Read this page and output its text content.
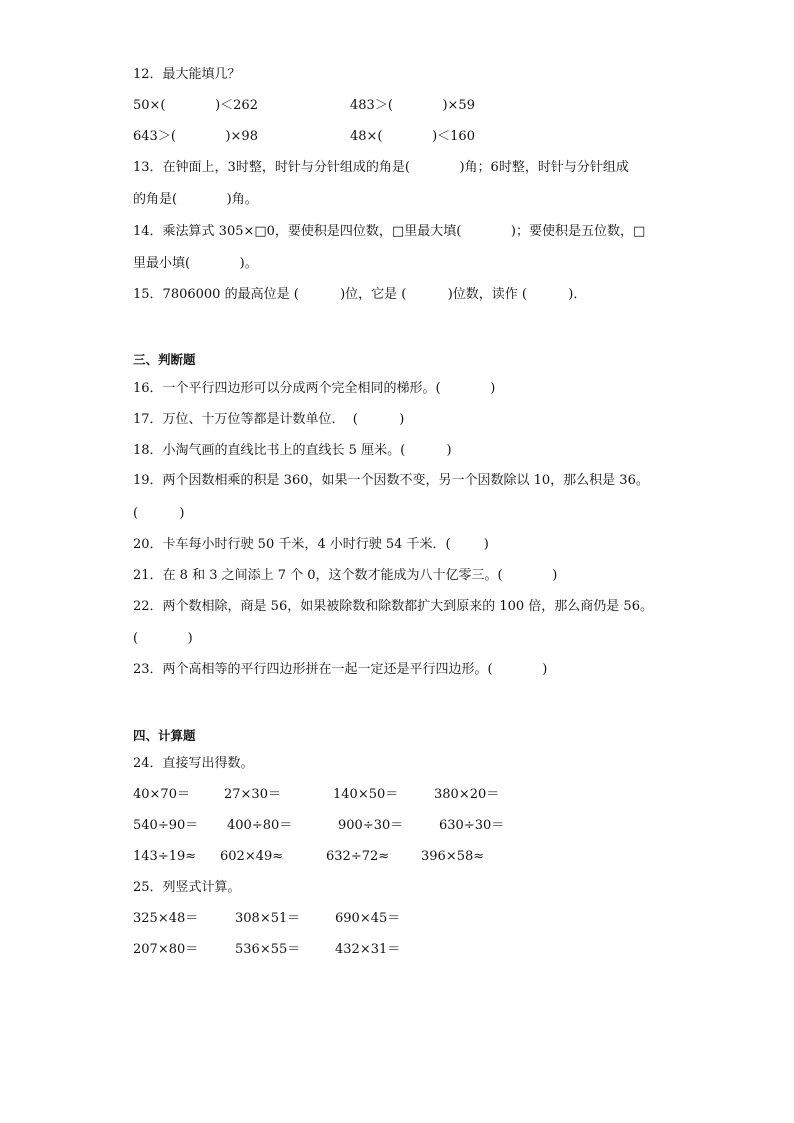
12．最大能填几？
50×(            )＜262	483＞(            )×59
643＞(            )×98	48×(            )＜160
13．在钟面上，3时整，时针与分针组成的角是(            )角；6时整，时针与分针组成
的角是(            )角。
14．乘法算式 305×□0，要使积是四位数，□里最大填(            )；要使积是五位数，□
里最小填(            )。
15．7806000 的最高位是 (          )位，它是 (          )位数，读作 (          )．
三、判断题
16．一个平行四边形可以分成两个完全相同的梯形。(            )
17．万位、十万位等都是计数单位．  (          )
18．小淘气画的直线比书上的直线长 5 厘米。(          )
19．两个因数相乘的积是 360，如果一个因数不变，另一个因数除以 10，那么积是 36。
(          )
20．卡车每小时行驶 50 千米，4 小时行驶 54 千米．(        )
21．在 8 和 3 之间添上 7 个 0，这个数才能成为八十亿零三。(            )
22．两个数相除，商是 56，如果被除数和除数都扩大到原来的 100 倍，那么商仍是 56。
(            )
23．两个高相等的平行四边形拼在一起一定还是平行四边形。(            )
四、计算题
24．直接写出得数。
40×70＝	27×30＝	140×50＝	380×20＝
540÷90＝ 400÷80＝	900÷30＝	630÷30＝
143÷19≈ 602×49≈	632÷72≈ 396×58≈
25．列竖式计算。
325×48＝	308×51＝	690×45＝
207×80＝	536×55＝	432×31＝
